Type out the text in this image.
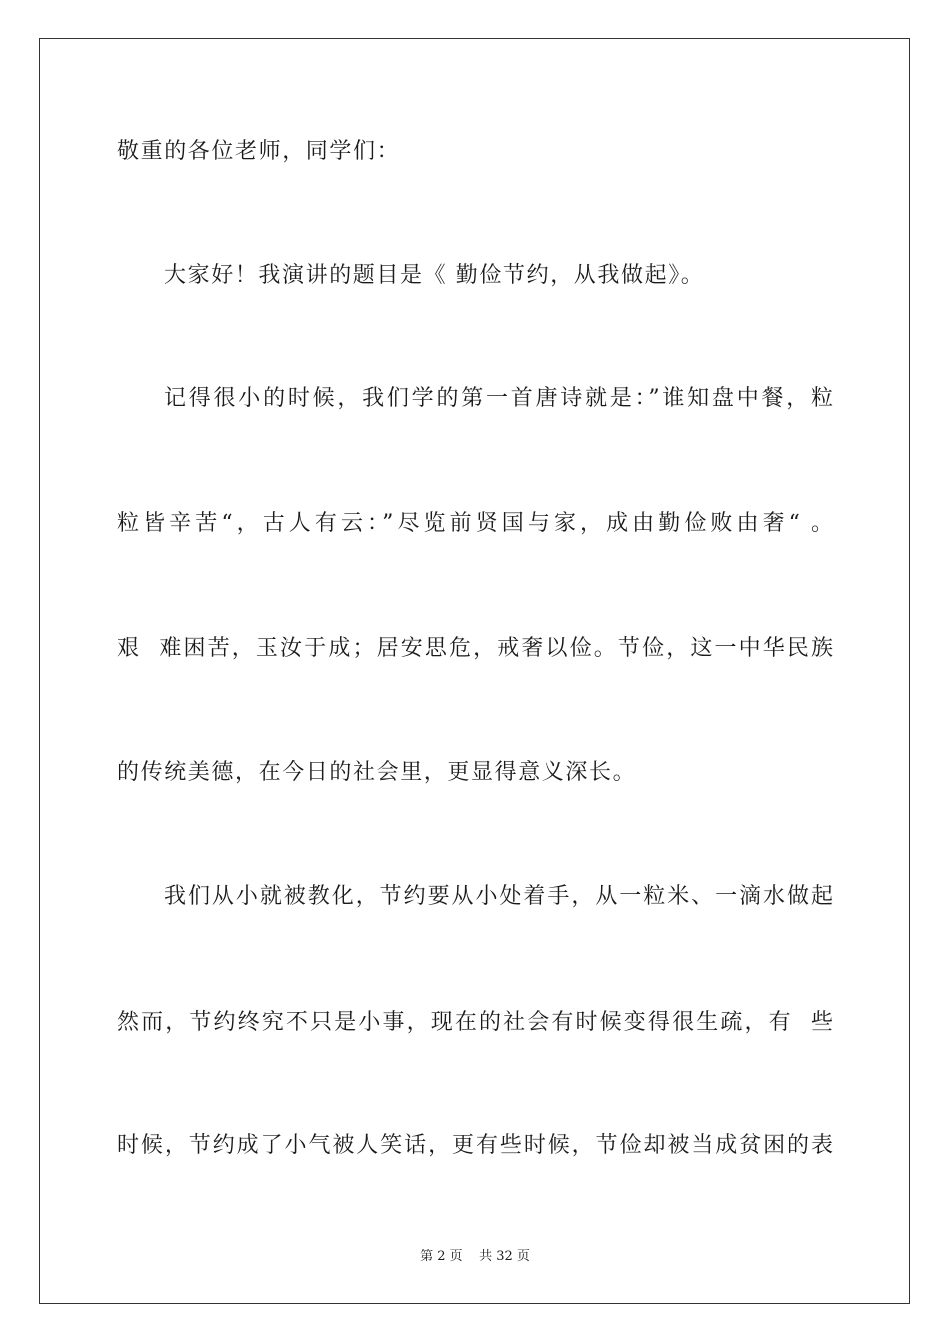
敬重的各位老师，同学们：
大家好！我演讲的题目是《 勤俭节约，从我做起》。
记得很小的时候，我们学的第一首唐诗就是：”谁知盘中餐，粒
粒皆辛苦“，古人有云：”尽览前贤国与家，成由勤俭败由奢“ 。
艰  难困苦，玉汝于成；居安思危，戒奢以俭。节俭，这一中华民族
的传统美德，在今日的社会里，更显得意义深长。
我们从小就被教化，节约要从小处着手，从一粒米、一滴水做起
然而，节约终究不只是小事，现在的社会有时候变得很生疏，有  些
时候，节约成了小气被人笑话，更有些时候，节俭却被当成贫困的表
第 2 页    共 32 页
